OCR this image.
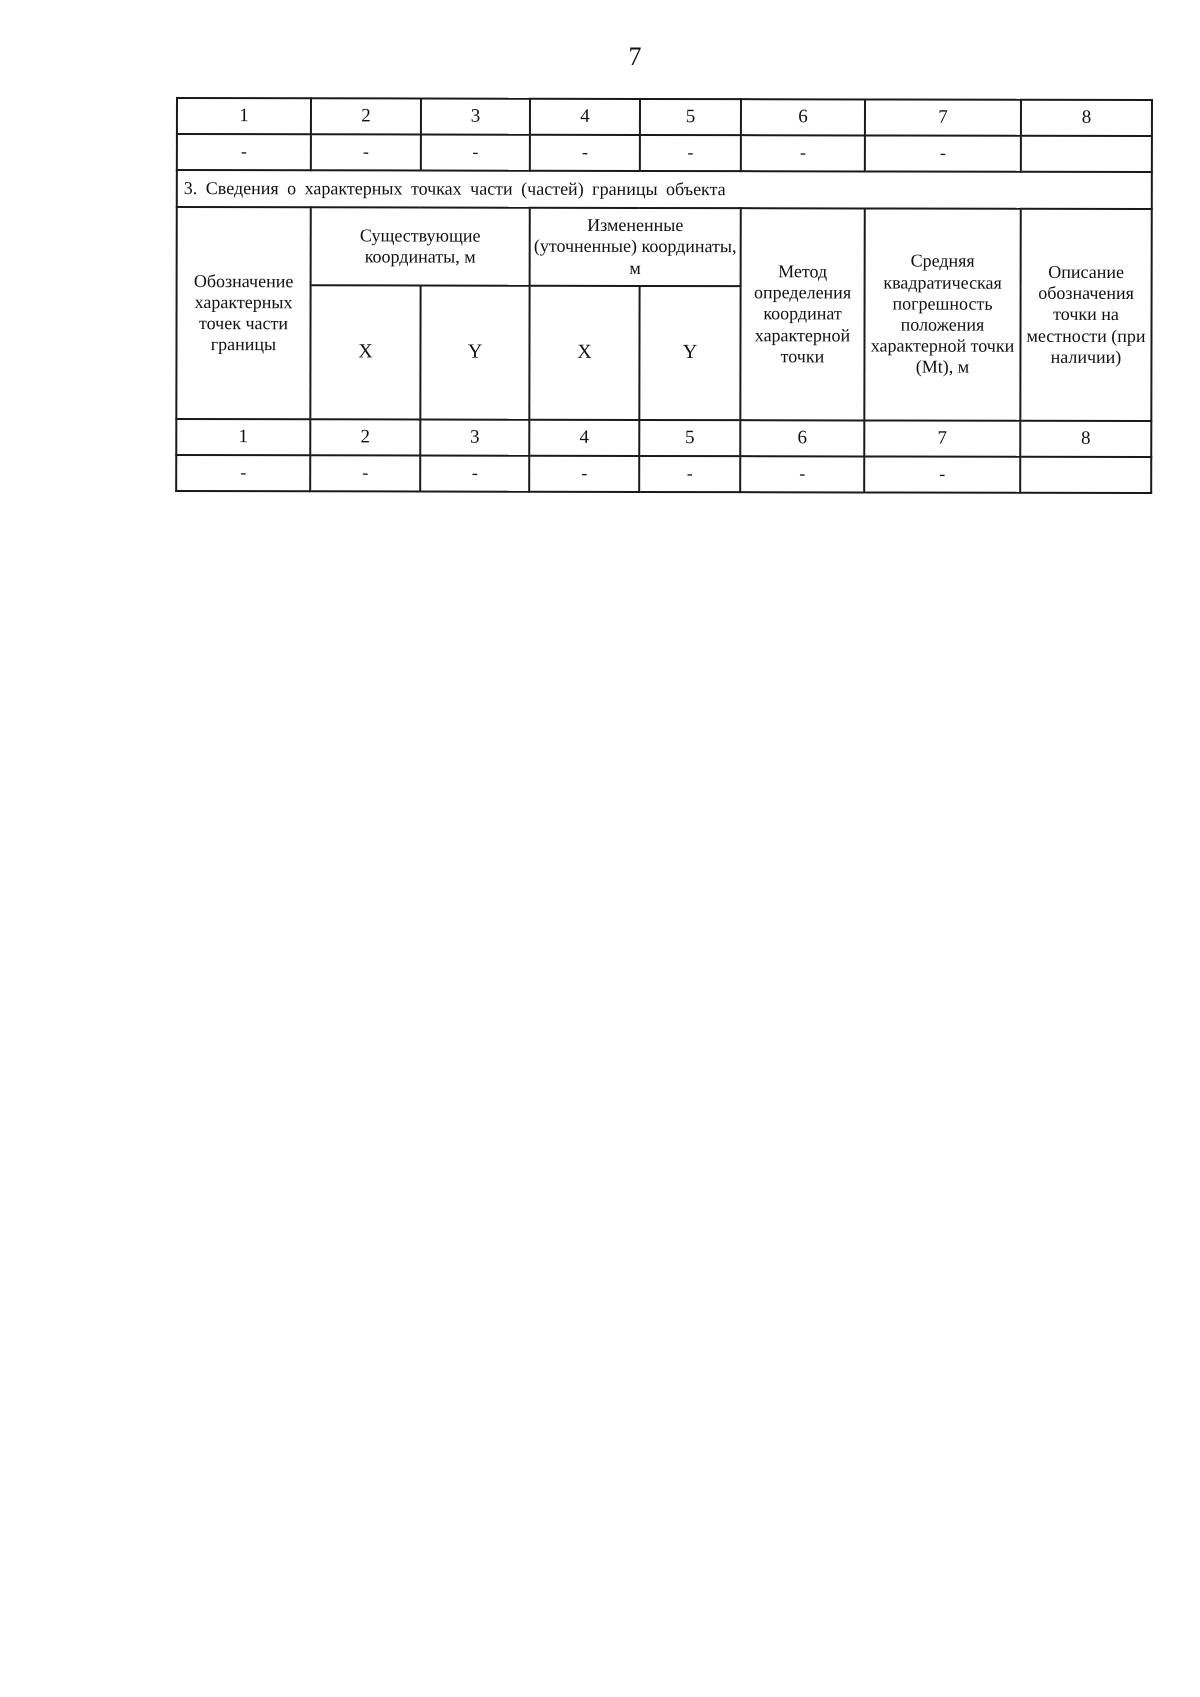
7
1	2	3	4	5	6	7	8
-	-	-	-	-	-	-	
3. Сведения о характерных точках части (частей) границы объекта							
Обозначение характерных точек части границы	Существующие координаты, м		Измененные (уточненные) координаты, м		Метод определения координат характерной точки	Средняя квадратическая погрешность положения характерной точки (Mt), м	Описание обозначения точки на местности (при наличии)
	X	Y	X	Y			
1	2	3	4	5	6	7	8
-	-	-	-	-	-	-	
